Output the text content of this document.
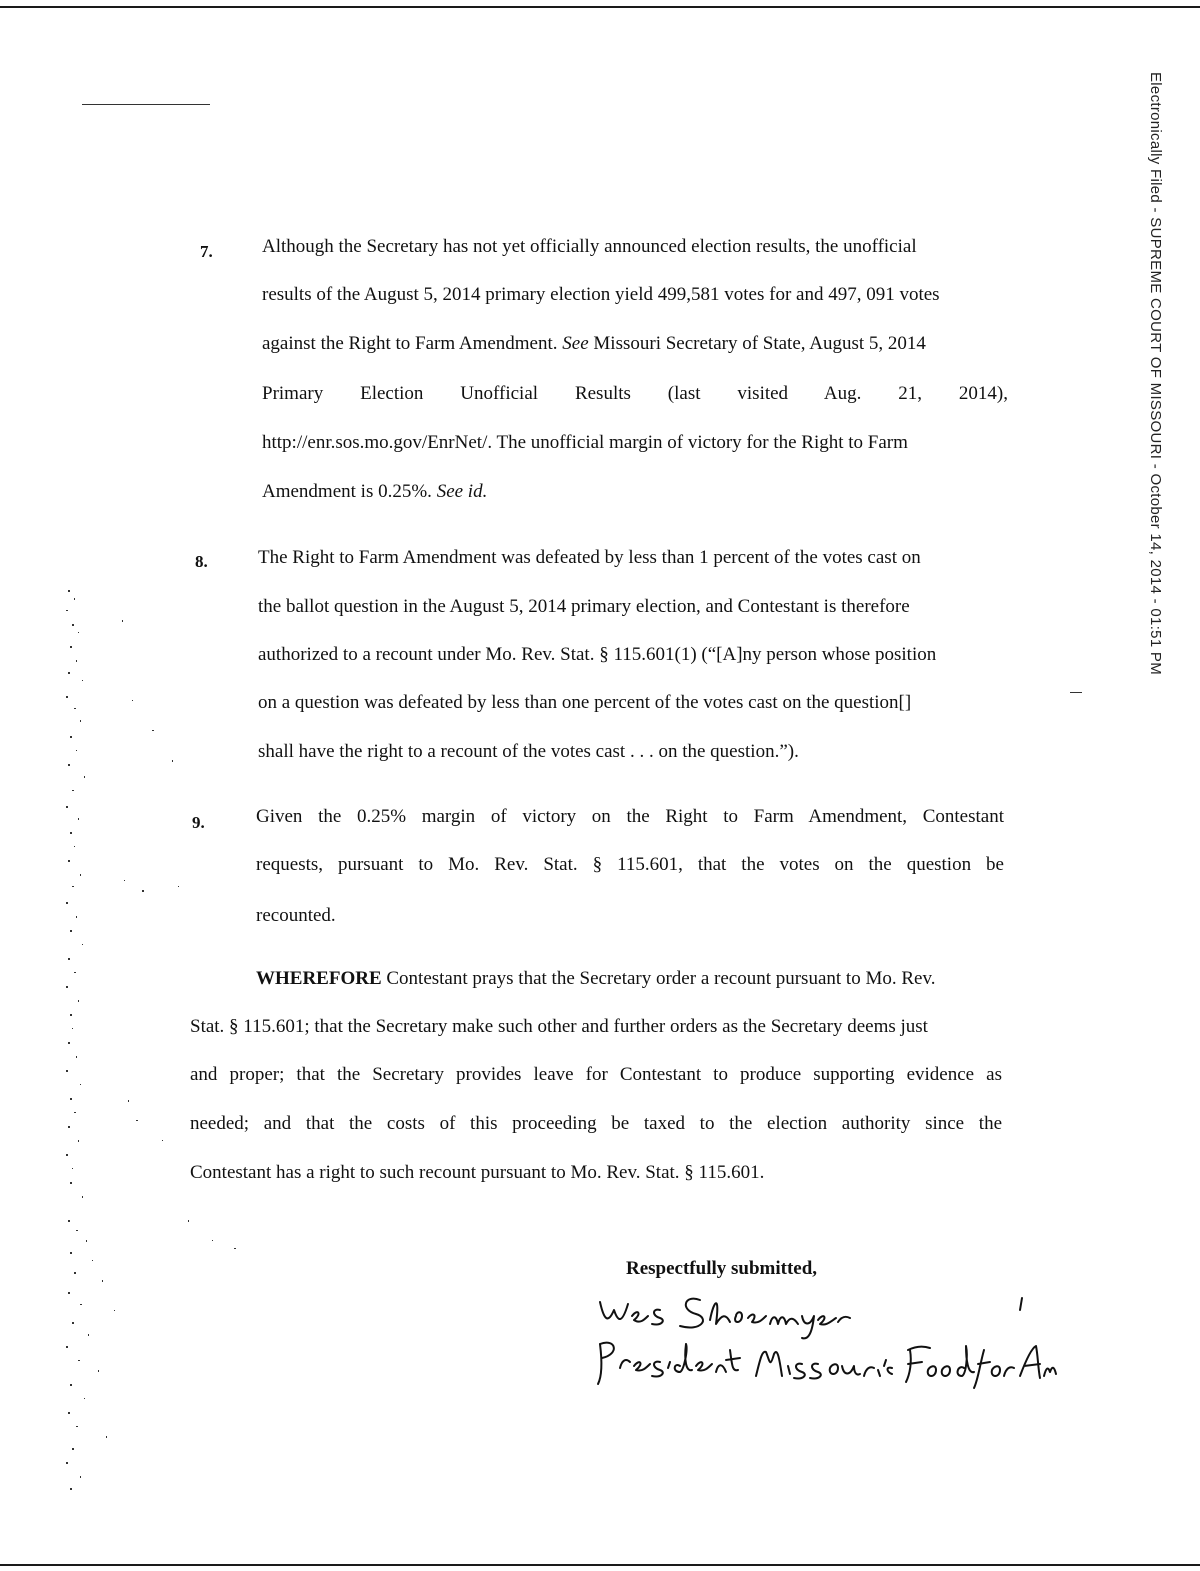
Electronically Filed - SUPREME COURT OF MISSOURI - October 14, 2014 - 01:51 PM
7.	Although the Secretary has not yet officially announced election results, the unofficial
results of the August 5, 2014 primary election yield 499,581 votes for and 497, 091 votes
against the Right to Farm Amendment. See Missouri Secretary of State, August 5, 2014
Primary Election Unofficial Results (last visited Aug. 21, 2014),
http://enr.sos.mo.gov/EnrNet/. The unofficial margin of victory for the Right to Farm
Amendment is 0.25%. See id.
8.	The Right to Farm Amendment was defeated by less than 1 percent of the votes cast on
the ballot question in the August 5, 2014 primary election, and Contestant is therefore
authorized to a recount under Mo. Rev. Stat. § 115.601(1) (“[A]ny person whose position
on a question was defeated by less than one percent of the votes cast on the question[]
shall have the right to a recount of the votes cast . . . on the question.”).
9.	Given the 0.25% margin of victory on the Right to Farm Amendment, Contestant
requests, pursuant to Mo. Rev. Stat. § 115.601, that the votes on the question be
recounted.
WHEREFORE Contestant prays that the Secretary order a recount pursuant to Mo. Rev.
Stat. § 115.601; that the Secretary make such other and further orders as the Secretary deems just
and proper; that the Secretary provides leave for Contestant to produce supporting evidence as
needed; and that the costs of this proceeding be taxed to the election authority since the
Contestant has a right to such recount pursuant to Mo. Rev. Stat. § 115.601.
Respectfully submitted,
